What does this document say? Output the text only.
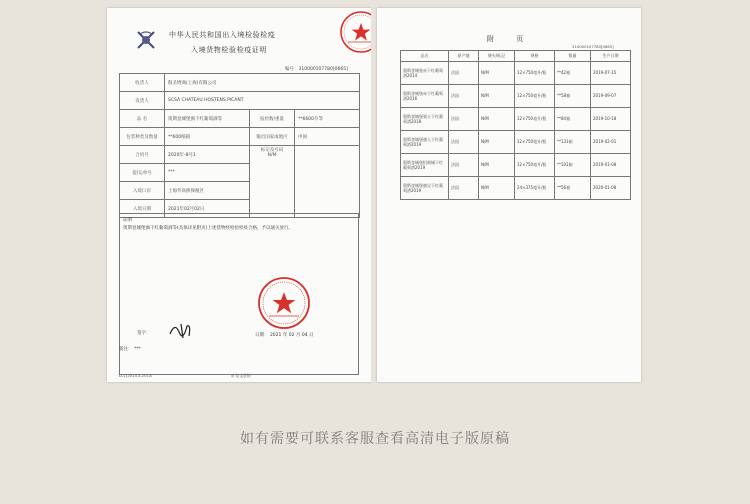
中华人民共和国出入境检验检疫
入境货物检验检疫证明
编号：310000107780[0665]
收货人	殷圣博商(上海)有限公司		
发货人	SCSA CHATEAU HOSTENS PICANT		
品 名	奥斯登城堡旗干红葡萄酒等	报检数/重量	**6600升等
包装种类及数量	**600纸箱	输出国家或地区	中国
合同号	2020年-8号1	标记及号码
N/M	
提/运单号	***		
入境口岸	上海外高桥保税区		
入境日期	2021年02月02日		
证明
奥斯登城堡旗干红葡萄酒等(具体详见附页)上述货物经检验检疫合格，予以通关放行。
签字：	日期： 2021 年 02 月 04 日
备注： ***
D-1(2014.4.20)-8	◎ 复文底纸
附 页
310000107780[0665]
品名	原产地	唛头/标记	规格	数量	生产日期
奥斯登城堡赤干红葡萄酒2014	法国	N/M	12×750毫升/瓶	**42箱	2019-07-15
奥斯登城堡赤干红葡萄酒2016	法国	N/M	12×750毫升/瓶	**58箱	2019-09-07
奥斯登城堡骑士干红葡萄酒2018	法国	N/M	12×750毫升/瓶	**84箱	2019-10-18
奥斯登城堡旗入干红葡萄酒2019	法国	N/M	12×750毫升/瓶	**131箱	2019-02-01
奥斯登城堡恒朗城干红葡萄酒2019	法国	N/M	12×750毫升/瓶	**101箱	2019-01-08
奥斯登城堡旗宝干红葡萄酒2019	法国	N/M	24×375毫升/瓶	**56箱	2020-01-08
如有需要可联系客服查看高清电子版原稿
